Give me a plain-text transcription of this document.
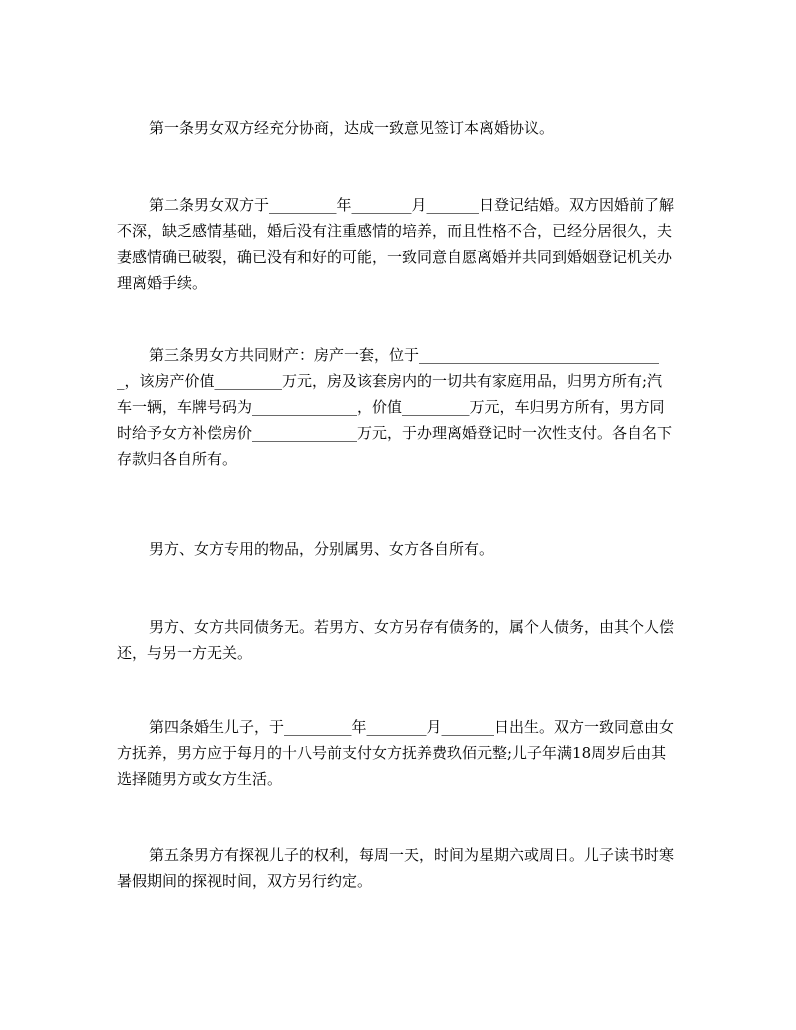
第一条男女双方经充分协商，达成一致意见签订本离婚协议。

第二条男女双方于_________年________月_______日登记结婚。双方因婚前了解不深，缺乏感情基础，婚后没有注重感情的培养，而且性格不合，已经分居很久，夫妻感情确已破裂，确已没有和好的可能，一致同意自愿离婚并共同到婚姻登记机关办理离婚手续。

第三条男女方共同财产：房产一套，位于_________________________________，该房产价值_________万元，房及该套房内的一切共有家庭用品，归男方所有;汽车一辆，车牌号码为______________，价值_________万元，车归男方所有，男方同时给予女方补偿房价______________万元，于办理离婚登记时一次性支付。各自名下存款归各自所有。

男方、女方专用的物品，分别属男、女方各自所有。

男方、女方共同债务无。若男方、女方另存有债务的，属个人债务，由其个人偿还，与另一方无关。

第四条婚生儿子，于_________年________月_______日出生。双方一致同意由女方抚养，男方应于每月的十八号前支付女方抚养费玖佰元整;儿子年满18周岁后由其选择随男方或女方生活。

第五条男方有探视儿子的权利，每周一天，时间为星期六或周日。儿子读书时寒暑假期间的探视时间，双方另行约定。
